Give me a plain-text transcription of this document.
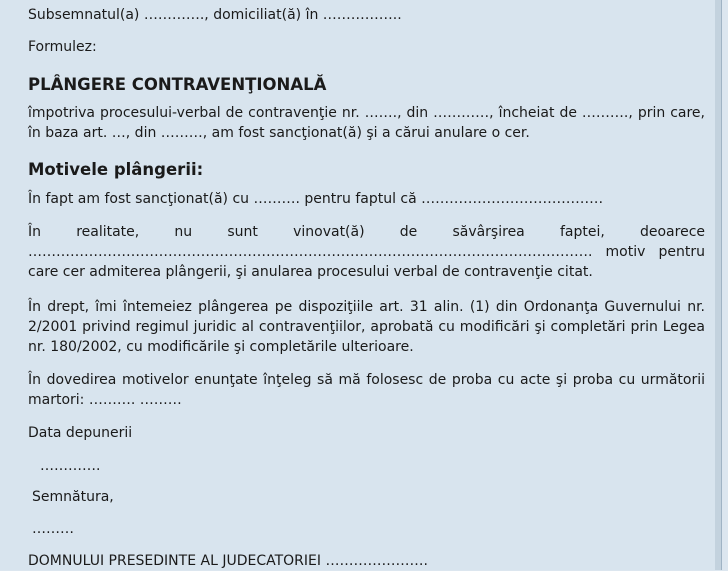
Subsemnatul(a) …………., domiciliat(ă) în ……………..

Formulez:

PLÂNGERE CONTRAVENŢIONALĂ

împotriva procesului-verbal de contravenţie nr. ……., din …………, încheiat de ………., prin care, în baza art. …, din ………, am fost sancţionat(ă) şi a cărui anulare o cer.

Motivele plângerii:

În fapt am fost sancţionat(ă) cu ………. pentru faptul că …………………………………

În realitate, nu sunt vinovat(ă) de săvârşirea faptei, deoarece …………………………………………………………………………………………………………. motiv pentru care cer admiterea plângerii, şi anularea procesului verbal de contravenţie citat.

În drept, îmi întemeiez plângerea pe dispoziţiile art. 31 alin. (1) din Ordonanţa Guvernului nr. 2/2001 privind regimul juridic al contravenţiilor, aprobată cu modificări şi completări prin Legea nr. 180/2002, cu modificările şi completările ulterioare.

În dovedirea motivelor enunţate înţeleg să mă folosesc de proba cu acte şi proba cu următorii martori: ………. ………

Data depunerii

………….

Semnătura,

………

DOMNULUI PRESEDINTE AL JUDECATORIEI ………………….
